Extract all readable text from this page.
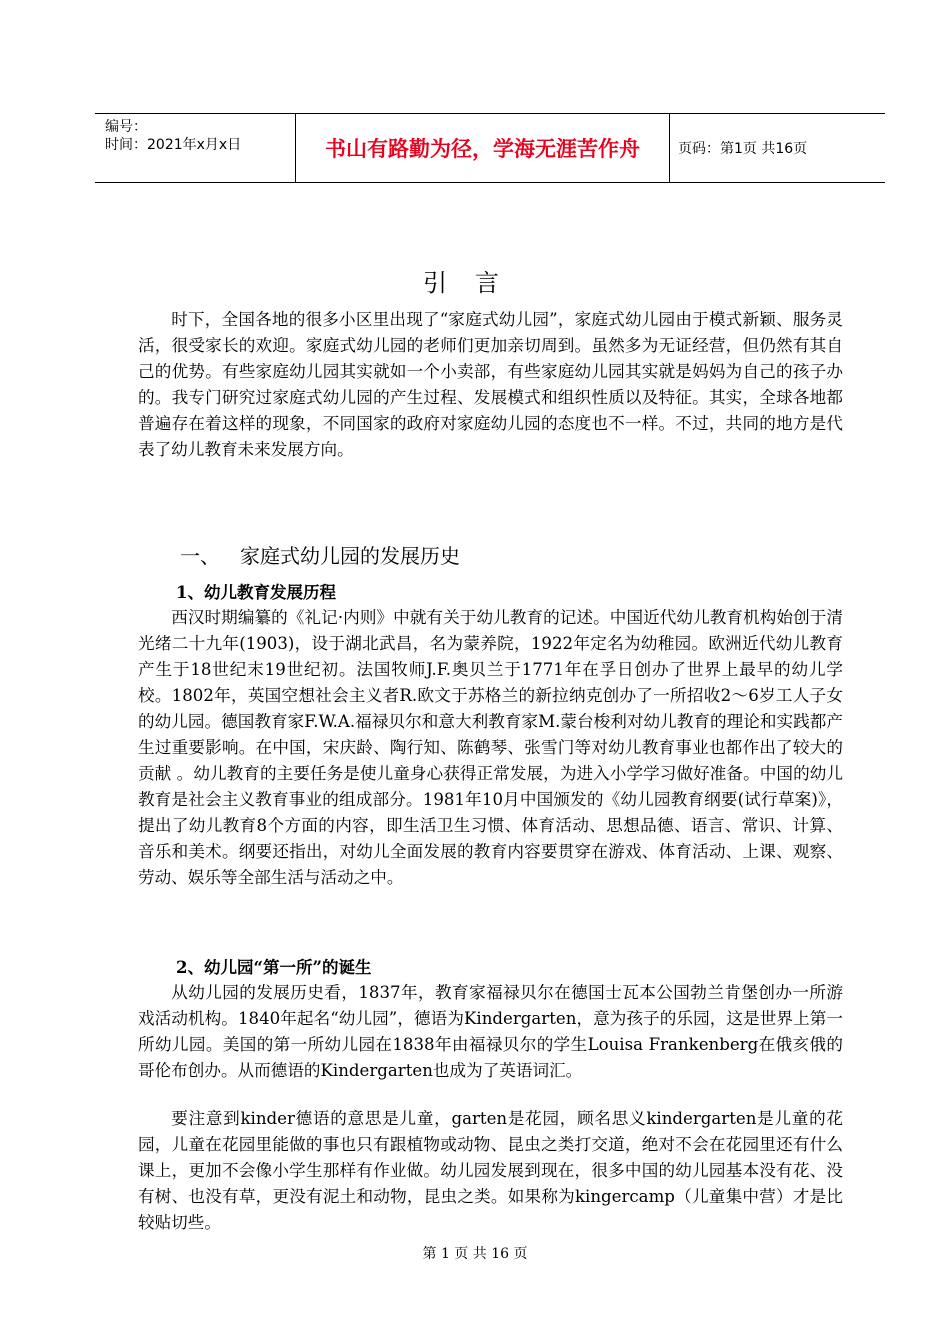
编号：
时间：2021年x月x日	书山有路勤为径，学海无涯苦作舟	页码：第1页 共16页
引言
时下，全国各地的很多小区里出现了“家庭式幼儿园”，家庭式幼儿园由于模式新颖、服务灵活，很受家长的欢迎。家庭式幼儿园的老师们更加亲切周到。虽然多为无证经营，但仍然有其自己的优势。有些家庭幼儿园其实就如一个小卖部，有些家庭幼儿园其实就是妈妈为自己的孩子办的。我专门研究过家庭式幼儿园的产生过程、发展模式和组织性质以及特征。其实，全球各地都普遍存在着这样的现象，不同国家的政府对家庭幼儿园的态度也不一样。不过，共同的地方是代表了幼儿教育未来发展方向。
一、 家庭式幼儿园的发展历史
1、幼儿教育发展历程
西汉时期编纂的《礼记·内则》中就有关于幼儿教育的记述。中国近代幼儿教育机构始创于清光绪二十九年(1903)，设于湖北武昌，名为蒙养院，1922年定名为幼稚园。欧洲近代幼儿教育产生于18世纪末19世纪初。法国牧师J.F.奥贝兰于1771年在孚日创办了世界上最早的幼儿学校。1802年，英国空想社会主义者R.欧文于苏格兰的新拉纳克创办了一所招收2～6岁工人子女的幼儿园。德国教育家F.W.A.福禄贝尔和意大利教育家M.蒙台梭利对幼儿教育的理论和实践都产生过重要影响。在中国，宋庆龄、陶行知、陈鹤琴、张雪门等对幼儿教育事业也都作出了较大的贡献 。幼儿教育的主要任务是使儿童身心获得正常发展，为进入小学学习做好准备。中国的幼儿教育是社会主义教育事业的组成部分。1981年10月中国颁发的《幼儿园教育纲要(试行草案)》，提出了幼儿教育8个方面的内容，即生活卫生习惯、体育活动、思想品德、语言、常识、计算、音乐和美术。纲要还指出，对幼儿全面发展的教育内容要贯穿在游戏、体育活动、上课、观察、劳动、娱乐等全部生活与活动之中。
2、幼儿园“第一所”的诞生
从幼儿园的发展历史看，1837年，教育家福禄贝尔在德国士瓦本公国勃兰肯堡创办一所游戏活动机构。1840年起名“幼儿园”，德语为Kindergarten，意为孩子的乐园，这是世界上第一所幼儿园。美国的第一所幼儿园在1838年由福禄贝尔的学生Louisa Frankenberg在俄亥俄的哥伦布创办。从而德语的Kindergarten也成为了英语词汇。
要注意到kinder德语的意思是儿童，garten是花园，顾名思义kindergarten是儿童的花园，儿童在花园里能做的事也只有跟植物或动物、昆虫之类打交道，绝对不会在花园里还有什么课上，更加不会像小学生那样有作业做。幼儿园发展到现在，很多中国的幼儿园基本没有花、没有树、也没有草，更没有泥土和动物，昆虫之类。如果称为kingercamp（儿童集中营）才是比较贴切些。
第 1 页 共 16 页
